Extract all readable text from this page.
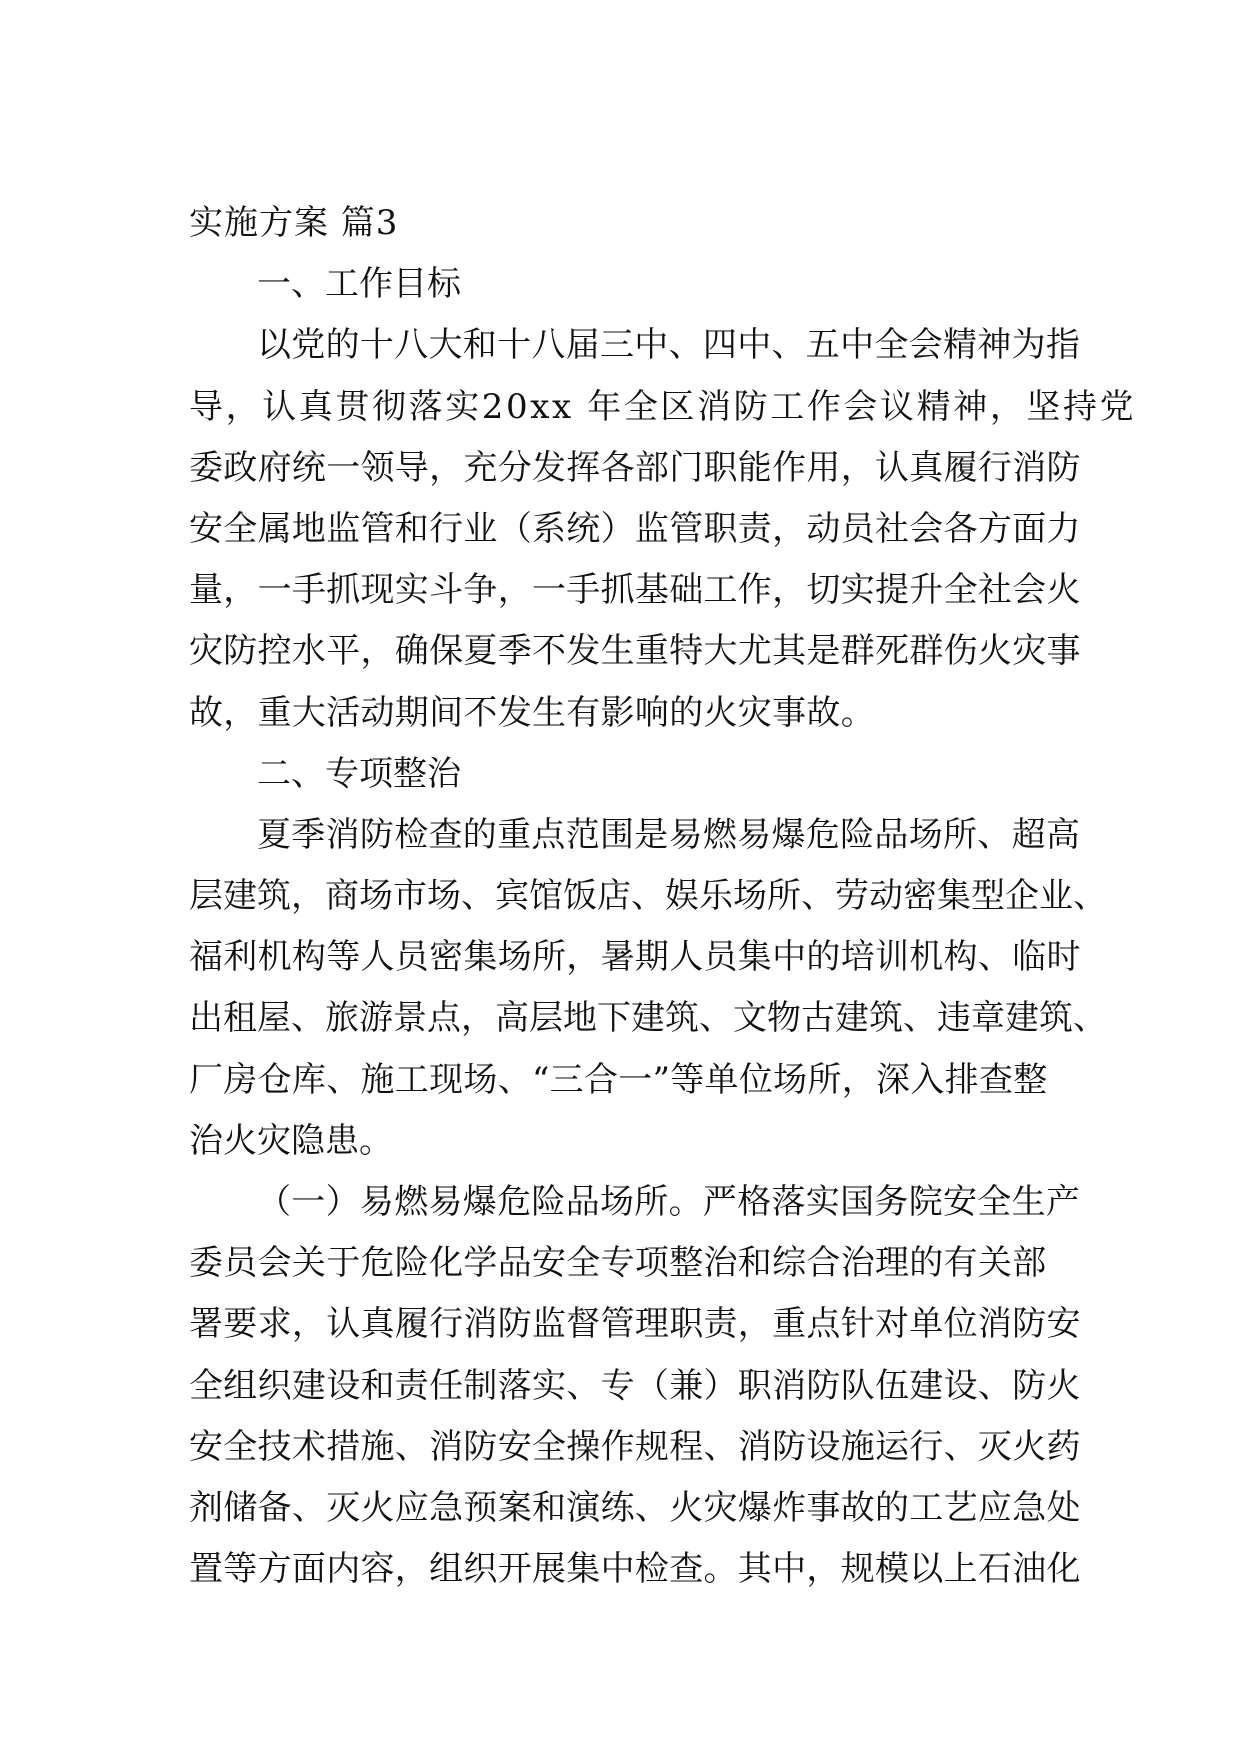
实施方案 篇3
一、工作目标
以党的十八大和十八届三中、四中、五中全会精神为指
导，认真贯彻落实20xx 年全区消防工作会议精神，坚持党
委政府统一领导，充分发挥各部门职能作用，认真履行消防
安全属地监管和行业（系统）监管职责，动员社会各方面力
量，一手抓现实斗争，一手抓基础工作，切实提升全社会火
灾防控水平，确保夏季不发生重特大尤其是群死群伤火灾事
故，重大活动期间不发生有影响的火灾事故。
二、专项整治
夏季消防检查的重点范围是易燃易爆危险品场所、超高
层建筑，商场市场、宾馆饭店、娱乐场所、劳动密集型企业、
福利机构等人员密集场所，暑期人员集中的培训机构、临时
出租屋、旅游景点，高层地下建筑、文物古建筑、违章建筑、
厂房仓库、施工现场、“三合一”等单位场所，深入排查整
治火灾隐患。
（一）易燃易爆危险品场所。严格落实国务院安全生产
委员会关于危险化学品安全专项整治和综合治理的有关部
署要求，认真履行消防监督管理职责，重点针对单位消防安
全组织建设和责任制落实、专（兼）职消防队伍建设、防火
安全技术措施、消防安全操作规程、消防设施运行、灭火药
剂储备、灭火应急预案和演练、火灾爆炸事故的工艺应急处
置等方面内容，组织开展集中检查。其中，规模以上石油化
